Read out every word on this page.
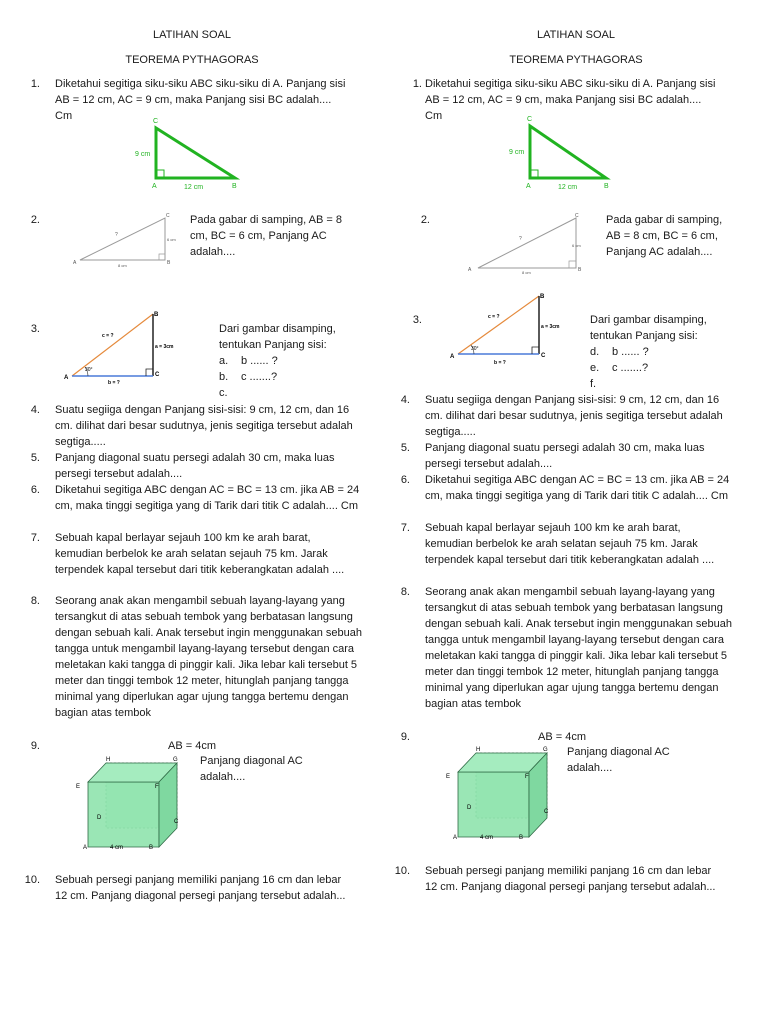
LATIHAN SOAL
TEOREMA PYTHAGORAS
1. Diketahui segitiga siku-siku ABC siku-siku di A. Panjang sisi AB = 12 cm, AC = 9 cm, maka Panjang sisi BC adalah.... Cm	C
A	B
9 cm
12 cm
2.	C
A	B
?
6 cm
8 cm
Pada gabar di samping, AB = 8 cm, BC = 6 cm, Panjang AC adalah....
3.
B
A	C
c = ?
a = 3cm
b = ?
30°
Dari gambar disamping, tentukan Panjang sisi:
a. b ...... ?
b. c .......?
c.
4. Suatu segiiga dengan Panjang sisi-sisi: 9 cm, 12 cm, dan 16 cm. dilihat dari besar sudutnya, jenis segitiga tersebut adalah segtiga.....
5. Panjang diagonal suatu persegi adalah 30 cm, maka luas persegi tersebut adalah....
6. Diketahui segitiga ABC dengan AC = BC = 13 cm. jika AB = 24 cm, maka tinggi segitiga yang di Tarik dari titik C adalah.... Cm
7. Sebuah kapal berlayar sejauh 100 km ke arah barat, kemudian berbelok ke arah selatan sejauh 75 km. Jarak terpendek kapal tersebut dari titik keberangkatan adalah ....
8. Seorang anak akan mengambil sebuah layang-layang yang tersangkut di atas sebuah tembok yang berbatasan langsung dengan sebuah kali. Anak tersebut ingin menggunakan sebuah tangga untuk mengambil layang-layang tersebut dengan cara meletakan kaki tangga di pinggir kali. Jika lebar kali tersebut 5 meter dan tinggi tembok 12 meter, hitunglah panjang tangga minimal yang diperlukan agar ujung tangga bertemu dengan bagian atas tembok
9.	AB = 4cm
Panjang diagonal AC adalah....
H	G
E	F
D
C
A	B
4 cm
10. Sebuah persegi panjang memiliki panjang 16 cm dan lebar 12 cm. Panjang diagonal persegi panjang tersebut adalah...
LATIHAN SOAL
TEOREMA PYTHAGORAS
1. Diketahui segitiga siku-siku ABC siku-siku di A. Panjang sisi AB = 12 cm, AC = 9 cm, maka Panjang sisi BC adalah.... Cm	C
A	B
9 cm
12 cm
2.	C
A	B
?
6 cm
8 cm
Pada gabar di samping, AB = 8 cm, BC = 6 cm, Panjang AC adalah....
3.
B
A	C
c = ?
a = 3cm
b = ?
30°
Dari gambar disamping, tentukan Panjang sisi:
d. b ...... ?
e. c .......?
f.
4. Suatu segiiga dengan Panjang sisi-sisi: 9 cm, 12 cm, dan 16 cm. dilihat dari besar sudutnya, jenis segitiga tersebut adalah segtiga.....
5. Panjang diagonal suatu persegi adalah 30 cm, maka luas persegi tersebut adalah....
6. Diketahui segitiga ABC dengan AC = BC = 13 cm. jika AB = 24 cm, maka tinggi segitiga yang di Tarik dari titik C adalah.... Cm
7. Sebuah kapal berlayar sejauh 100 km ke arah barat, kemudian berbelok ke arah selatan sejauh 75 km. Jarak terpendek kapal tersebut dari titik keberangkatan adalah ....
8. Seorang anak akan mengambil sebuah layang-layang yang tersangkut di atas sebuah tembok yang berbatasan langsung dengan sebuah kali. Anak tersebut ingin menggunakan sebuah tangga untuk mengambil layang-layang tersebut dengan cara meletakan kaki tangga di pinggir kali. Jika lebar kali tersebut 5 meter dan tinggi tembok 12 meter, hitunglah panjang tangga minimal yang diperlukan agar ujung tangga bertemu dengan bagian atas tembok
9.	AB = 4cm
Panjang diagonal AC adalah....
H	G
E	F
D
C
A	B
4 cm
10. Sebuah persegi panjang memiliki panjang 16 cm dan lebar 12 cm. Panjang diagonal persegi panjang tersebut adalah...
